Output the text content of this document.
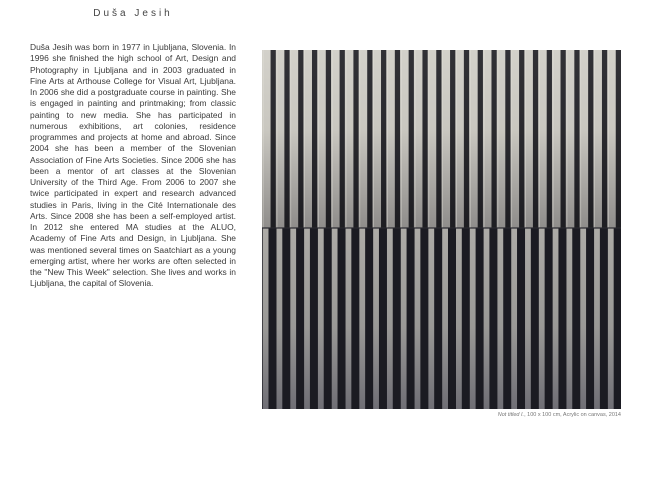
Duša Jesih

Duša Jesih was born in 1977 in Ljubljana, Slovenia. In 1996 she finished the high school of Art, Design and Photography in Ljubljana and in 2003 graduated in Fine Arts at Arthouse College for Visual Art, Ljubljana. In 2006 she did a postgraduate course in painting. She is engaged in painting and printmaking; from classic painting to new media. She has participated in numerous exhibitions, art colonies, residence programmes and projects at home and abroad. Since 2004 she has been a member of the Slovenian Association of Fine Arts Societies. Since 2006 she has been a mentor of art classes at the Slovenian University of the Third Age. From 2006 to 2007 she twice participated in expert and research advanced studies in Paris, living in the Cité Internationale des Arts. Since 2008 she has been a self-employed artist. In 2012 she entered MA studies at the ALUO, Academy of Fine Arts and Design, in Ljubljana. She was mentioned several times on Saatchiart as a young emerging artist, where her works are often selected in the "New This Week" selection. She lives and works in Ljubljana, the capital of Slovenia.

Not titled I., 100 x 100 cm, Acrylic on canvas, 2014
